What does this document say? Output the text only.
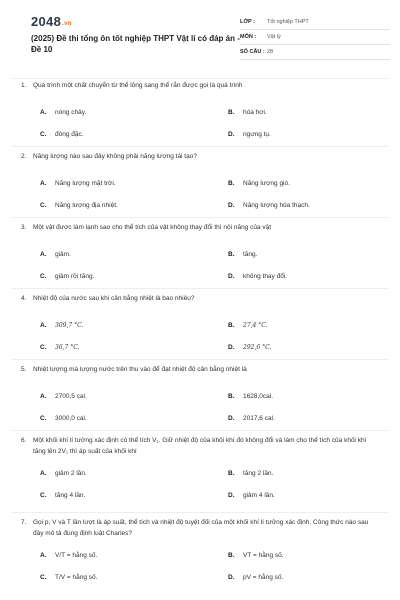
2048.vn
(2025) Đề thi tổng ôn tốt nghiệp THPT Vật lí có đáp án - Đề 10
LỚP :	Tốt nghiệp THPT
MÔN :	Vật lý
SỐ CÂU : 28
1.	Quá trình một chất chuyển từ thể lỏng sang thể rắn được gọi là quá trình
A.	nóng chảy.	B.	hóa hơi.
C.	đông đặc.	D.	ngưng tụ.
2.	Năng lượng nào sau đây không phải năng lượng tái tạo?
A.	Năng lượng mặt trời.	B.	Năng lượng gió.
C.	Năng lượng địa nhiệt.	D.	Năng lượng hóa thạch.
3.	Một vật được làm lạnh sao cho thể tích của vật không thay đổi thì nội năng của vật
A.	giảm.	B.	tăng.
C.	giảm rồi tăng.	D.	không thay đổi.
4.	Nhiệt độ của nước sau khi cân bằng nhiệt là bao nhiêu?
A.	309,7 °C.	B.	27,4 °C.
C.	36,7 °C.	D.	292,6 °C.
5.	Nhiệt lượng mà lượng nước trên thu vào để đạt nhiệt độ cân bằng nhiệt là
A.	2700,5 cal.	B.	1628,0cal.
C.	3000,0 cal.	D.	2017,6 cal.
6.	Một khối khí lí tưởng xác định có thể tích V₁. Giữ nhiệt độ của khối khí đó không đổi và làm cho thể tích của khối khí tăng lên 2V₁ thì áp suất của khối khí
A.	giảm 2 lần.	B.	tăng 2 lần.
C.	tăng 4 lần.	D.	giảm 4 lần.
7.	Gọi p, V và T lần lượt là áp suất, thể tích và nhiệt độ tuyệt đối của một khối khí lí tưởng xác định. Công thức nào sau đây mô tả đúng định luật Charles?
A.	V/T = hằng số.	B.	VT = hằng số.
C.	T/V = hằng số.	D.	pV = hằng số.
